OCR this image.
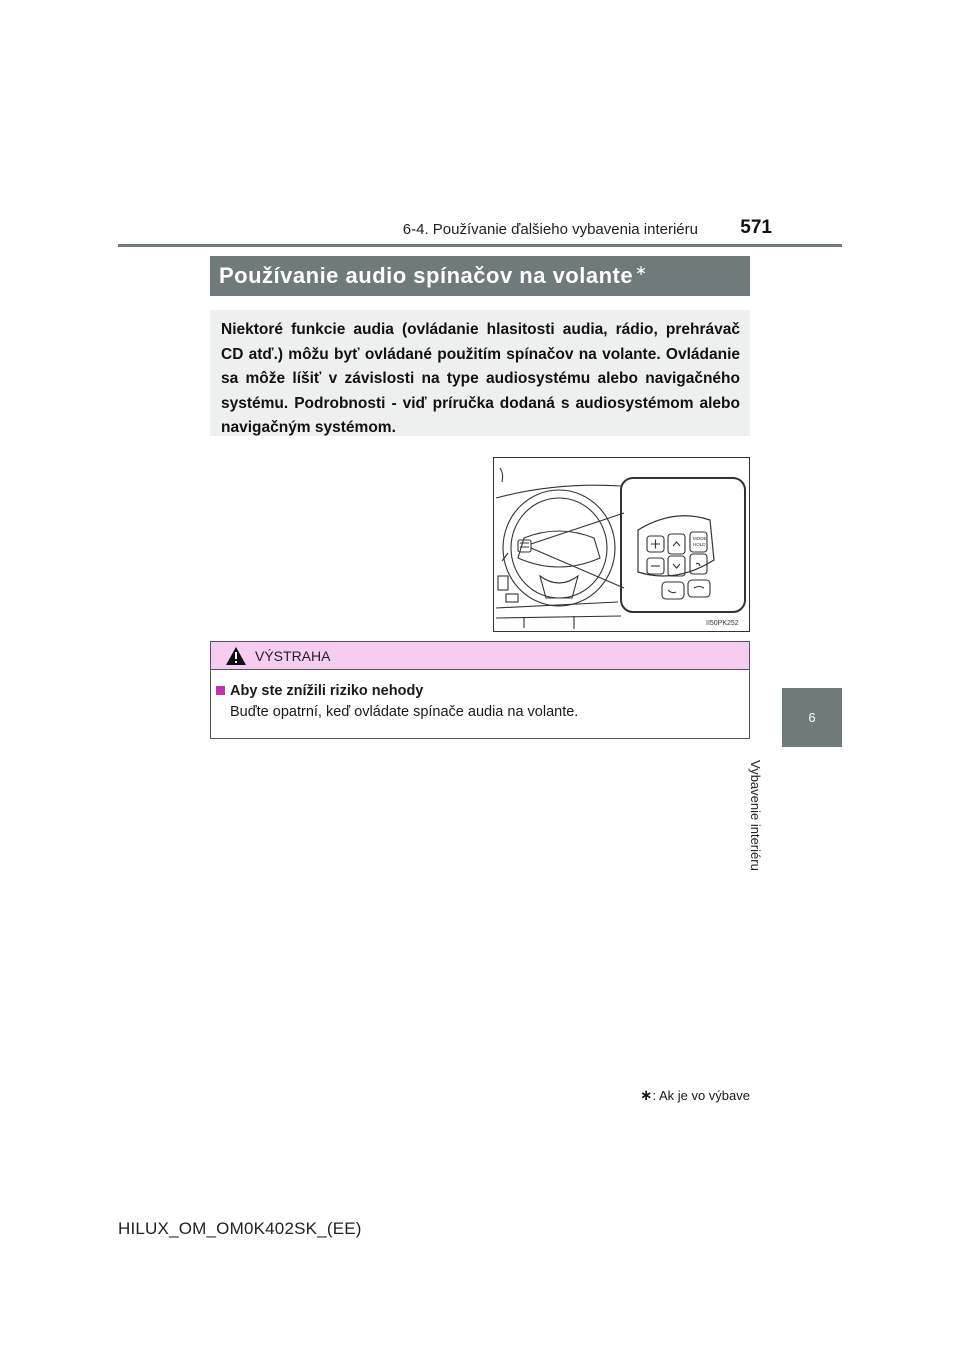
6-4. Používanie ďalšieho vybavenia interiéru	571
6
Vybavenie interiéru
Používanie audio spínačov na volante∗
Niektoré funkcie audia (ovládanie hlasitosti audia, rádio, prehrávač CD atď.) môžu byť ovládané použitím spínačov na volante. Ovládanie sa môže líšiť v závislosti na type audiosystému alebo navigačného systému. Podrobnosti - viď príručka dodaná s audiosystémom alebo navigačným systémom.
MODE
HOLD
II50PK252
VÝSTRAHA
Aby ste znížili riziko nehody
Buďte opatrní, keď ovládate spínače audia na volante.
∗: Ak je vo výbave
HILUX_OM_OM0K402SK_(EE)
